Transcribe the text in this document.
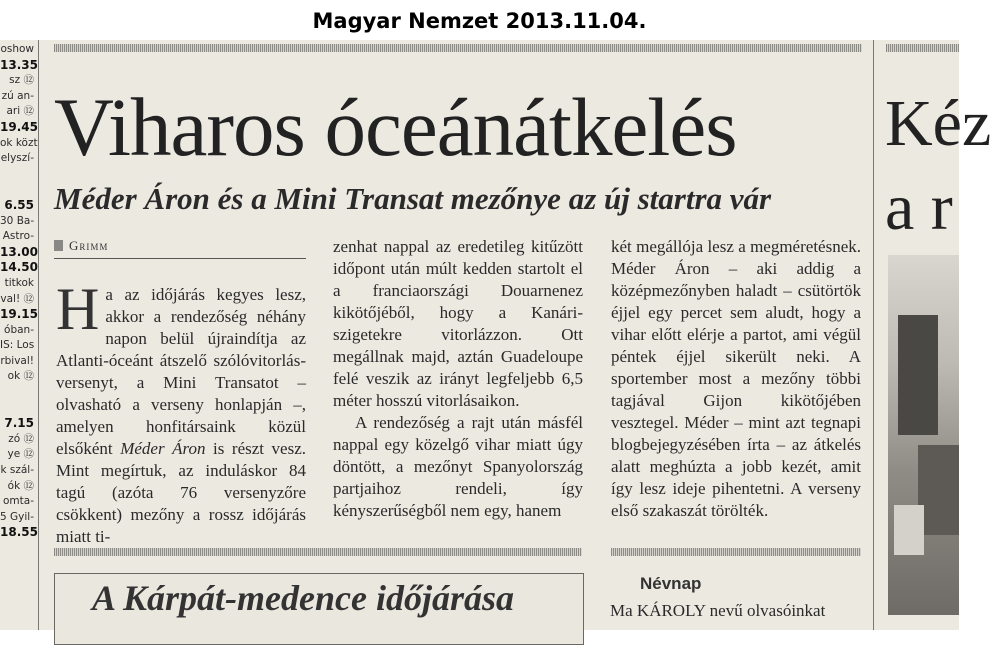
Magyar Nemzet 2013.11.04.
oshow
13.35
sz ⑫
zú an-
ari ⑫
19.45
ok közt
elyszí-
6.55
30 Ba-
Astro-
13.00
14.50
titkok
val! ⑫
19.15
óban-
IS: Los
rbival!
ok ⑫
7.15
zó ⑫
ye ⑫
k szál-
ók ⑫
omta-
5 Gyil-
18.55
Viharos óceánátkelés
Méder Áron és a Mini Transat mezőnye az új startra vár
Grimm

Ha az időjárás kegyes lesz, akkor a rendezőség néhány napon belül újraindítja az Atlanti-óceánt átszelő szólóvitorlás-versenyt, a Mini Transatot – olvasható a verseny honlapján –, amelyen honfitársaink közül elsőként Méder Áron is részt vesz. Mint megírtuk, az induláskor 84 tagú (azóta 76 versenyzőre csökkent) mezőny a rossz időjárás miatt ti-

zenhat nappal az eredetileg kitűzött időpont után múlt kedden startolt el a franciaországi Douarnenez kikötőjéből, hogy a Kanári-szigetekre vitorlázzon. Ott megállnak majd, aztán Guadeloupe felé veszik az irányt legfeljebb 6,5 méter hosszú vitorlásaikon.

A rendezőség a rajt után másfél nappal egy közelgő vihar miatt úgy döntött, a mezőnyt Spanyolország partjaihoz rendeli, így kényszerűségből nem egy, hanem

két megállója lesz a megméretésnek. Méder Áron – aki addig a középmezőnyben haladt – csütörtök éjjel egy percet sem aludt, hogy a vihar előtt elérje a partot, ami végül péntek éjjel sikerült neki. A sportember most a mezőny többi tagjával Gijon kikötőjében vesztegel. Méder – mint azt tegnapi blogbejegyzésében írta – az átkelés alatt meghúzta a jobb kezét, amit így lesz ideje pihentetni. A verseny első szakaszát törölték.

A Kárpát-medence időjárása	Névnap
Ma KÁROLY nevű olvasóinkat
Kéz
a r
